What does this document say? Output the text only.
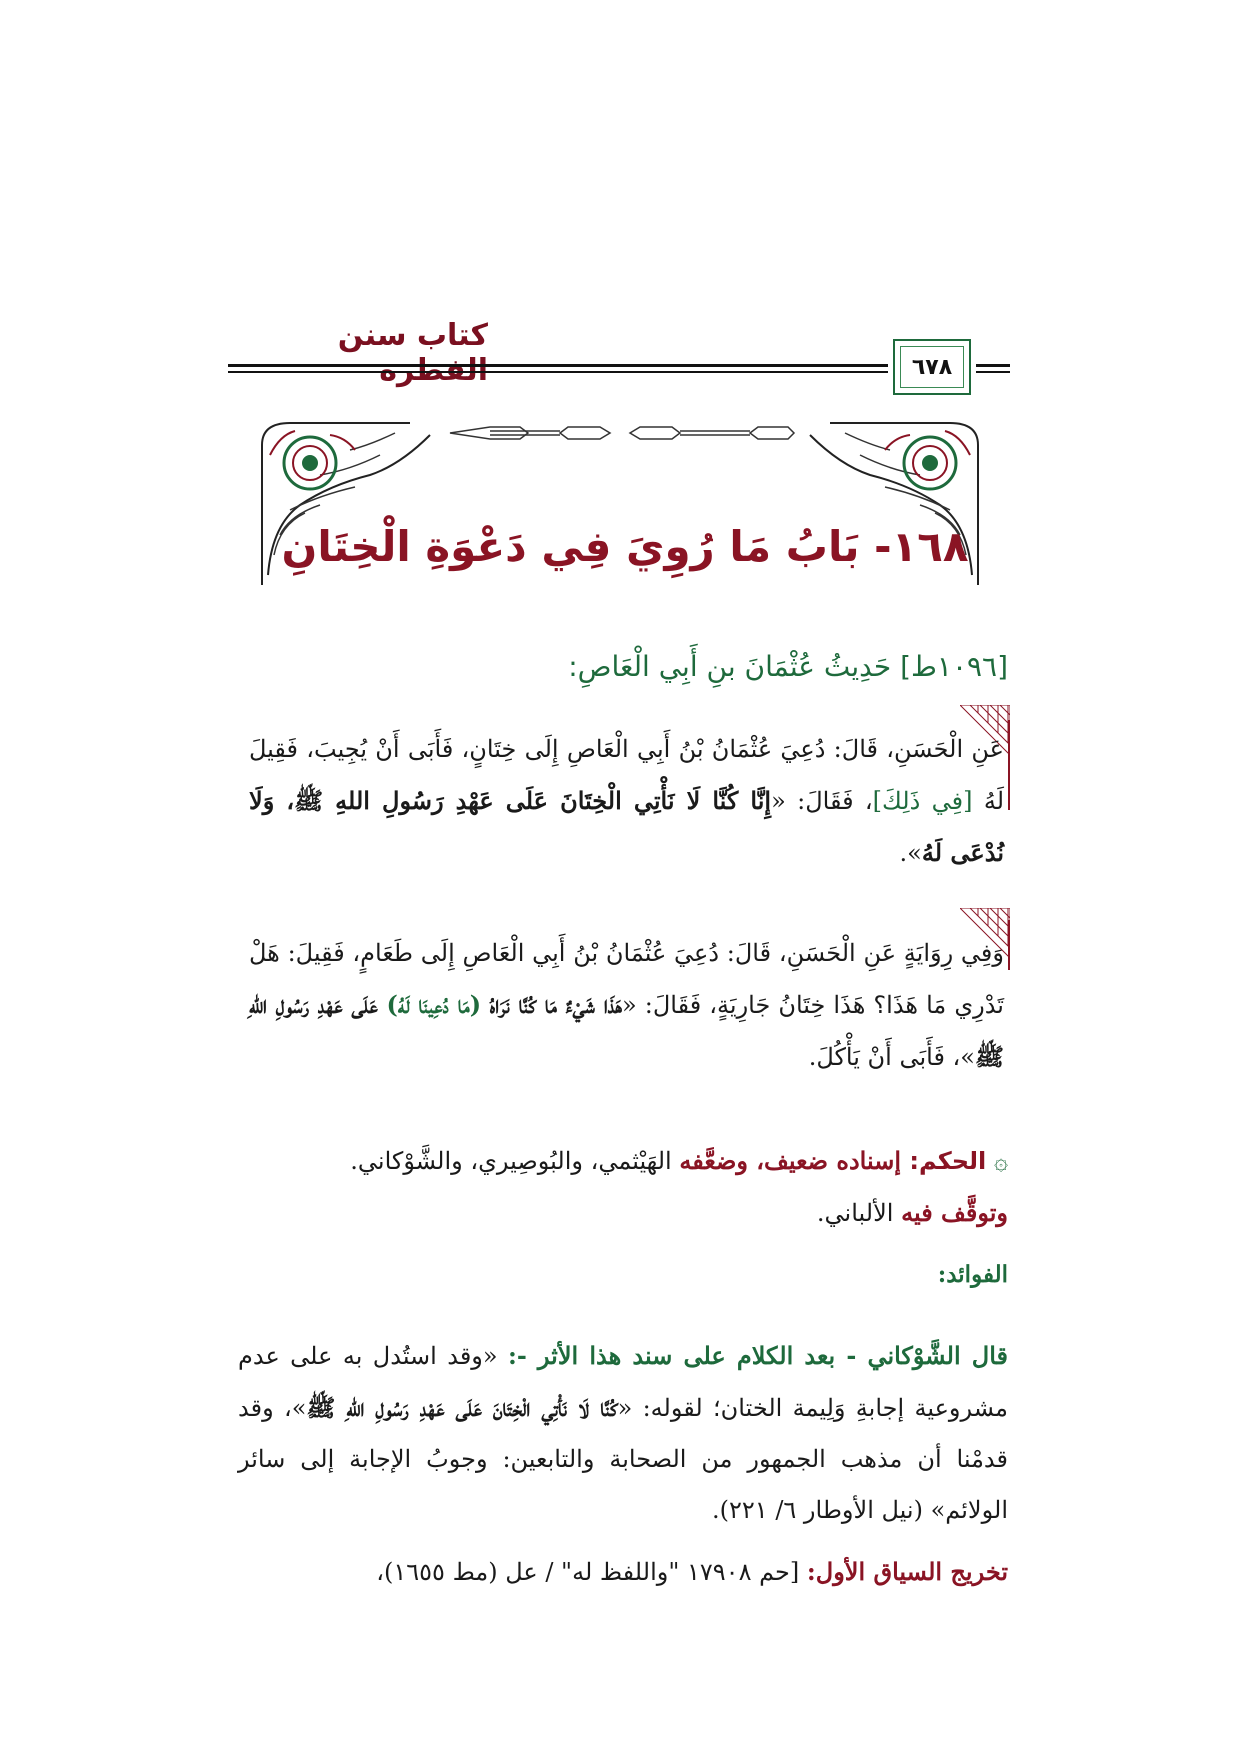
كتاب سنن
٦٧٨
١٦٨- بَابُ مَا رُوِيَ فِي دَعْوَةِ الْخِتَانِ
[١٠٩٦ط] حَدِيثُ عُثْمَانَ بنِ أَبِي الْعَاصِ:
عَنِ الْحَسَنِ، قَالَ: دُعِيَ عُثْمَانُ بْنُ أَبِي الْعَاصِ إِلَى خِتَانٍ، فَأَبَى أَنْ يُجِيبَ، فَقِيلَ لَهُ [فِي ذَلِكَ]، فَقَالَ: «إِنَّا كُنَّا لَا نَأْتِي الْخِتَانَ عَلَى عَهْدِ رَسُولِ اللهِ ﷺ، وَلَا نُدْعَى لَهُ».
وَفِي رِوَايَةٍ عَنِ الْحَسَنِ، قَالَ: دُعِيَ عُثْمَانُ بْنُ أَبِي الْعَاصِ إِلَى طَعَامٍ، فَقِيلَ: هَلْ تَدْرِي مَا هَذَا؟ هَذَا خِتَانُ جَارِيَةٍ، فَقَالَ: «هَذَا شَيْءٌ مَا كُنَّا نَرَاهُ (مَا دُعِينَا لَهُ) عَلَى عَهْدِ رَسُولِ اللهِ ﷺ»، فَأَبَى أَنْ يَأْكُلَ.
۞ الحكم: إسناده ضعيف، وضعَّفه الهَيْثمي، والبُوصِيري، والشَّوْكاني.
وتوقَّف فيه الألباني.
الفوائد:
قال الشَّوْكاني - بعد الكلام على سند هذا الأثر -: «وقد استُدل به على عدم مشروعية إجابةِ وَلِيمة الختان؛ لقوله: «كُنَّا لَا نَأْتِي الْخِتَانَ عَلَى عَهْدِ رَسُولِ اللهِ ﷺ»، وقد قدمْنا أن مذهب الجمهور من الصحابة والتابعين: وجوبُ الإجابة إلى سائر الولائم» (نيل الأوطار ٦/ ٢٢١).
تخريج السياق الأول: [حم ١٧٩٠٨ "واللفظ له" / عل (مط ١٦٥٥)،
